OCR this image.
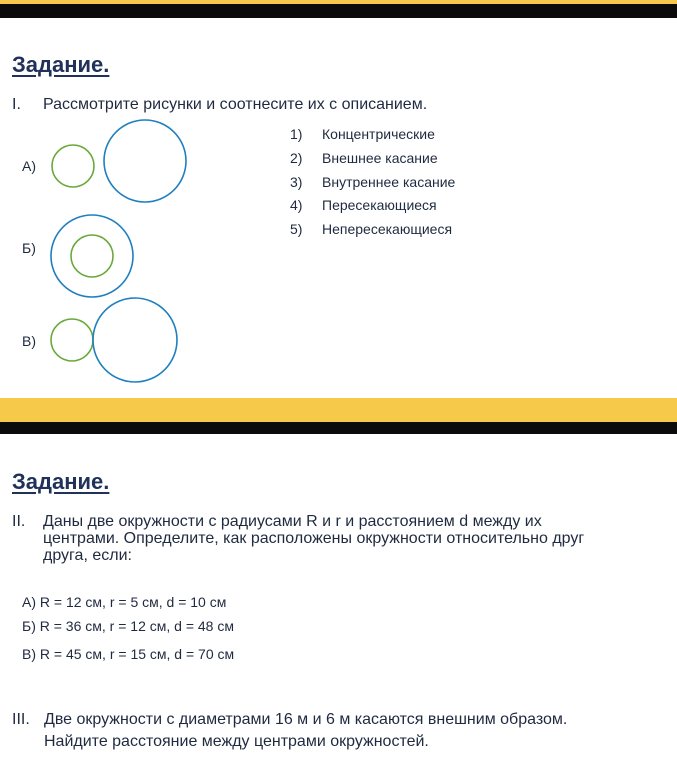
Задание.
I. Рассмотрите рисунки и соотнесите их с описанием.
А)
Б)
В)
1)	Концентрические
2)	Внешнее касание
3)	Внутреннее касание
4)	Пересекающиеся
5)	Непересекающиеся
Задание.
II. Даны две окружности с радиусами R и r и расстоянием d между их
центрами. Определите, как расположены окружности относительно друг
друга, если:
А) R = 12 см, r = 5 см, d = 10 см
Б) R = 36 см, r = 12 см, d = 48 см
В) R = 45 см, r = 15 см, d = 70 см
III. Две окружности с диаметрами 16 м и 6 м касаются внешним образом.
Найдите расстояние между центрами окружностей.
